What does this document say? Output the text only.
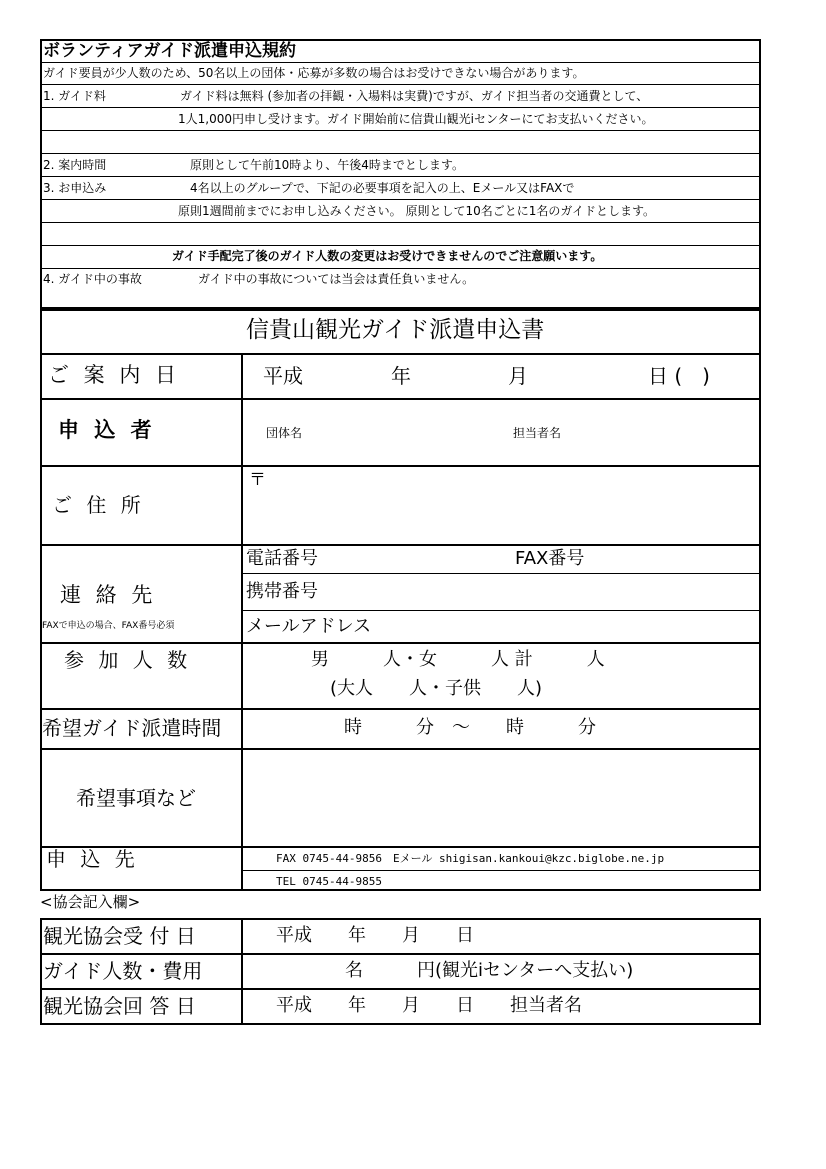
ボランティアガイド派遣申込規約
ガイド要員が少人数のため、50名以上の団体・応募が多数の場合はお受けできない場合があります。
1. ガイド料	ガイド料は無料 (参加者の拝観・入場料は実費)ですが、ガイド担当者の交通費として、
1人1,000円申し受けます。ガイド開始前に信貴山観光iセンターにてお支払いください。
2. 案内時間	原則として午前10時より、午後4時までとします。
3. お申込み	4名以上のグループで、下記の必要事項を記入の上、Eメール又はFAXで
原則1週間前までにお申し込みください。 原則として10名ごとに1名のガイドとします。
ガイド手配完了後のガイド人数の変更はお受けできませんのでご注意願います。
4. ガイド中の事故	ガイド中の事故については当会は責任負いません。
信貴山観光ガイド派遣申込書
ご 案 内 日	平成	年	月	日 (　)
申 込 者	団体名	担当者名
ご 住 所
〒
連 絡 先
FAXで申込の場合、FAX番号必須
電話番号	FAX番号
携帯番号
メールアドレス
参 加 人 数	男　　　人・女　　　人 計　　　人
(大人　　人・子供　　人)
希望ガイド派遣時間	時　　　分　～　　時　　　分
希望事項など
申 込 先	FAX 0745-44-9856　Eメール shigisan.kankoui@kzc.biglobe.ne.jp
TEL 0745-44-9855
<協会記入欄>
観光協会受 付 日	平成　　年　　月　　日
ガイド人数・費用	名　　　円(観光iセンターへ支払い)
観光協会回 答 日	平成　　年　　月　　日　　担当者名
